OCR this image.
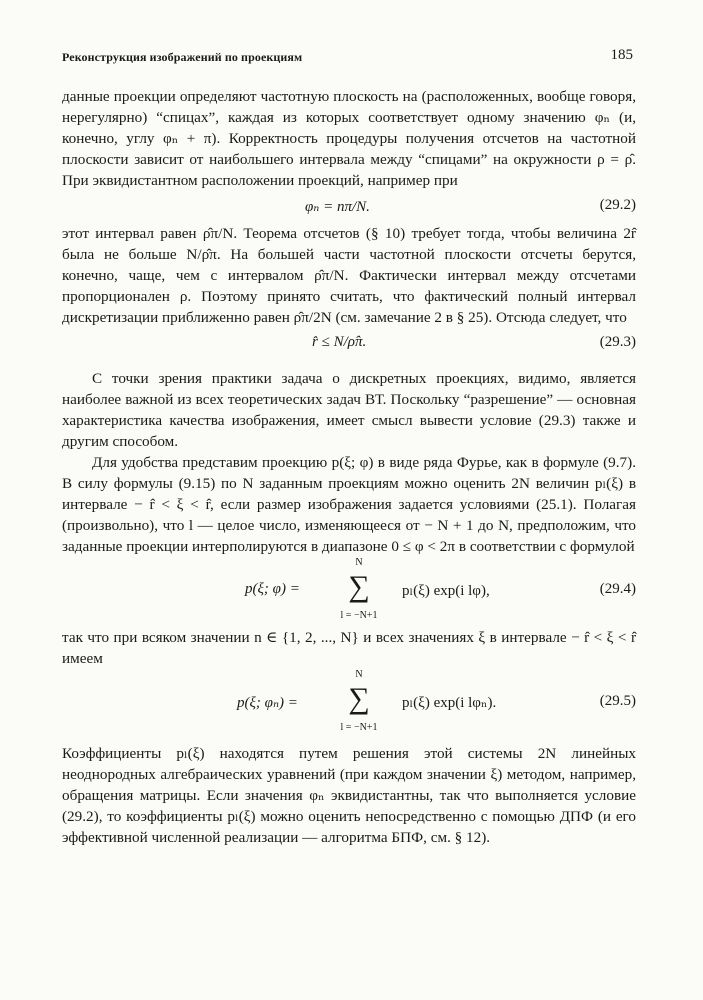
Реконструкция изображений по проекциям	185

данные проекции определяют частотную плоскость на (расположенных, вообще говоря, нерегулярно) “спицах”, каждая из которых соответствует одному значению φₙ (и, конечно, углу φₙ + π). Корректность процедуры получения отсчетов на частотной плоскости зависит от наибольшего интервала между “спицами” на окружности ρ = ρ̂. При эквидистантном расположении проекций, например при

φₙ = nπ/N.	(29.2)

этот интервал равен ρ̂π/N. Теорема отсчетов (§ 10) требует тогда, чтобы величина 2r̂ была не больше N/ρ̂π. На большей части частотной плоскости отсчеты берутся, конечно, чаще, чем с интервалом ρ̂π/N. Фактически интервал между отсчетами пропорционален ρ. Поэтому принято считать, что фактический полный интервал дискретизации приближенно равен ρ̂π/2N (см. замечание 2 в § 25). Отсюда следует, что

r̂ ≤ N/ρ̂π.	(29.3)

С точки зрения практики задача о дискретных проекциях, видимо, является наиболее важной из всех теоретических задач ВТ. Поскольку “разрешение” — основная характеристика качества изображения, имеет смысл вывести условие (29.3) также и другим способом.

Для удобства представим проекцию p(ξ; φ) в виде ряда Фурье, как в формуле (9.7). В силу формулы (9.15) по N заданным проекциям можно оценить 2N величин pₗ(ξ) в интервале − r̂ < ξ < r̂, если размер изображения задается условиями (25.1). Полагая (произвольно), что l — целое число, изменяющееся от − N + 1 до N, предположим, что заданные проекции интерполируются в диапазоне 0 ≤ φ < 2π в соответствии с формулой

p(ξ; φ) =
N
∑
l = −N+1
pₗ(ξ) exp(i lφ),	(29.4)

так что при всяком значении n ∈ {1, 2, ..., N} и всех значениях ξ в интервале − r̂ < ξ < r̂ имеем

p(ξ; φₙ) =
N
∑
l = −N+1
pₗ(ξ) exp(i lφₙ).	(29.5)

Коэффициенты pₗ(ξ) находятся путем решения этой системы 2N линейных неоднородных алгебраических уравнений (при каждом значении ξ) методом, например, обращения матрицы. Если значения φₙ эквидистантны, так что выполняется условие (29.2), то коэффициенты pₗ(ξ) можно оценить непосредственно с помощью ДПФ (и его эффективной численной реализации — алгоритма БПФ, см. § 12).
